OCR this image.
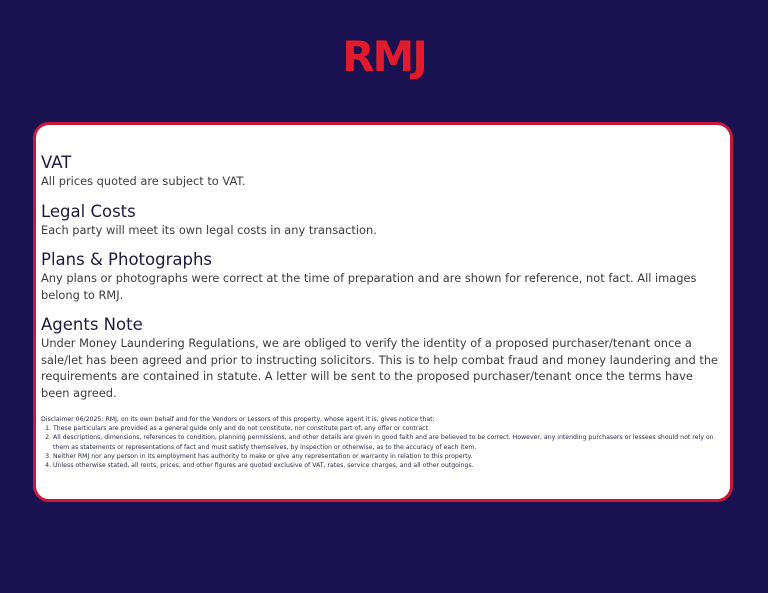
RMJ
VAT

All prices quoted are subject to VAT.

Legal Costs

Each party will meet its own legal costs in any transaction.

Plans & Photographs

Any plans or photographs were correct at the time of preparation and are shown for reference, not fact. All images belong to RMJ.

Agents Note

Under Money Laundering Regulations, we are obliged to verify the identity of a proposed purchaser/tenant once a sale/let has been agreed and prior to instructing solicitors. This is to help combat fraud and money laundering and the requirements are contained in statute. A letter will be sent to the proposed purchaser/tenant once the terms have been agreed.

Disclaimer 06/2025: RMJ, on its own behalf and for the Vendors or Lessors of this property, whose agent it is, gives notice that:
1. These particulars are provided as a general guide only and do not constitute, nor constitute part of, any offer or contract.
2. All descriptions, dimensions, references to condition, planning permissions, and other details are given in good faith and are believed to be correct. However, any intending purchasers or lessees should not rely on them as statements or representations of fact and must satisfy themselves, by inspection or otherwise, as to the accuracy of each item.
3. Neither RMJ nor any person in its employment has authority to make or give any representation or warranty in relation to this property.
4. Unless otherwise stated, all rents, prices, and other figures are quoted exclusive of VAT, rates, service charges, and all other outgoings.
